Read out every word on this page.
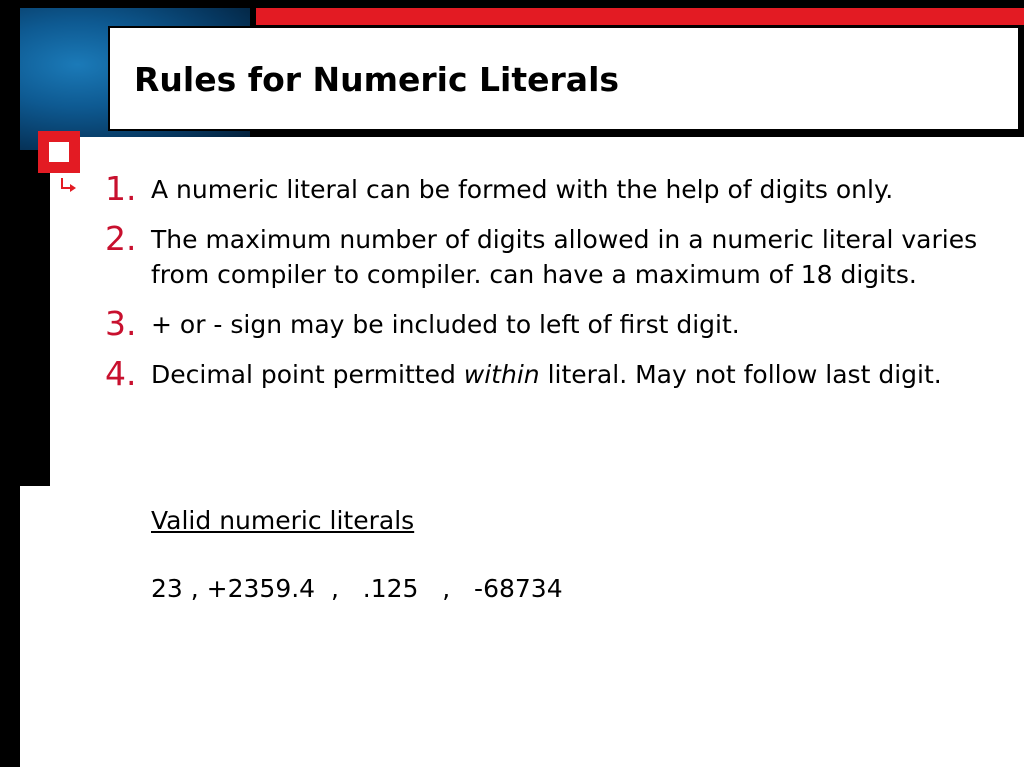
Rules for Numeric Literals
1. A numeric literal can be formed with the help of digits only.
2. The maximum number of digits allowed in a numeric literal varies from compiler to compiler. can have a maximum of 18 digits.
3. + or - sign may be included to left of first digit.
4. Decimal point permitted within literal. May not follow last digit.
Valid numeric literals
23 , +2359.4  ,   .125   ,   -68734
